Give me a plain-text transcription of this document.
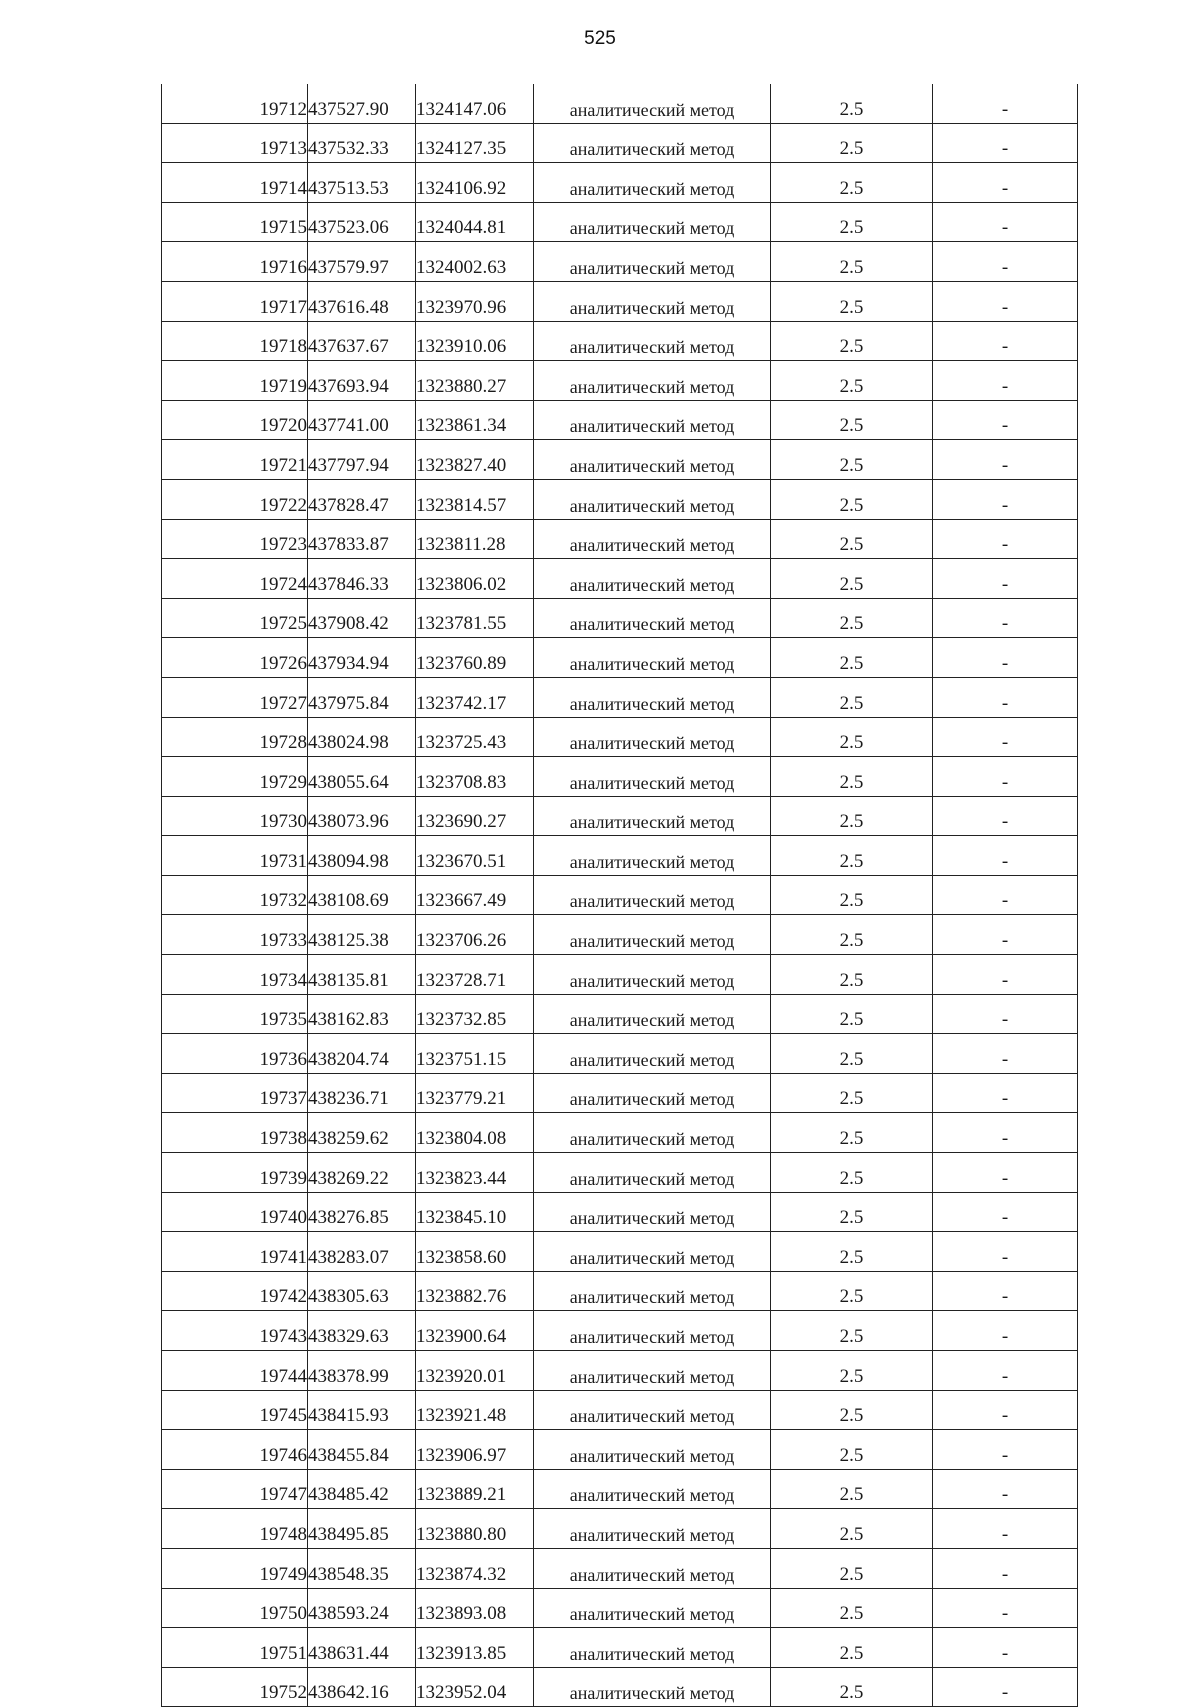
525
19712	437527.90	1324147.06	аналитический метод	2.5	-
19713	437532.33	1324127.35	аналитический метод	2.5	-
19714	437513.53	1324106.92	аналитический метод	2.5	-
19715	437523.06	1324044.81	аналитический метод	2.5	-
19716	437579.97	1324002.63	аналитический метод	2.5	-
19717	437616.48	1323970.96	аналитический метод	2.5	-
19718	437637.67	1323910.06	аналитический метод	2.5	-
19719	437693.94	1323880.27	аналитический метод	2.5	-
19720	437741.00	1323861.34	аналитический метод	2.5	-
19721	437797.94	1323827.40	аналитический метод	2.5	-
19722	437828.47	1323814.57	аналитический метод	2.5	-
19723	437833.87	1323811.28	аналитический метод	2.5	-
19724	437846.33	1323806.02	аналитический метод	2.5	-
19725	437908.42	1323781.55	аналитический метод	2.5	-
19726	437934.94	1323760.89	аналитический метод	2.5	-
19727	437975.84	1323742.17	аналитический метод	2.5	-
19728	438024.98	1323725.43	аналитический метод	2.5	-
19729	438055.64	1323708.83	аналитический метод	2.5	-
19730	438073.96	1323690.27	аналитический метод	2.5	-
19731	438094.98	1323670.51	аналитический метод	2.5	-
19732	438108.69	1323667.49	аналитический метод	2.5	-
19733	438125.38	1323706.26	аналитический метод	2.5	-
19734	438135.81	1323728.71	аналитический метод	2.5	-
19735	438162.83	1323732.85	аналитический метод	2.5	-
19736	438204.74	1323751.15	аналитический метод	2.5	-
19737	438236.71	1323779.21	аналитический метод	2.5	-
19738	438259.62	1323804.08	аналитический метод	2.5	-
19739	438269.22	1323823.44	аналитический метод	2.5	-
19740	438276.85	1323845.10	аналитический метод	2.5	-
19741	438283.07	1323858.60	аналитический метод	2.5	-
19742	438305.63	1323882.76	аналитический метод	2.5	-
19743	438329.63	1323900.64	аналитический метод	2.5	-
19744	438378.99	1323920.01	аналитический метод	2.5	-
19745	438415.93	1323921.48	аналитический метод	2.5	-
19746	438455.84	1323906.97	аналитический метод	2.5	-
19747	438485.42	1323889.21	аналитический метод	2.5	-
19748	438495.85	1323880.80	аналитический метод	2.5	-
19749	438548.35	1323874.32	аналитический метод	2.5	-
19750	438593.24	1323893.08	аналитический метод	2.5	-
19751	438631.44	1323913.85	аналитический метод	2.5	-
19752	438642.16	1323952.04	аналитический метод	2.5	-
